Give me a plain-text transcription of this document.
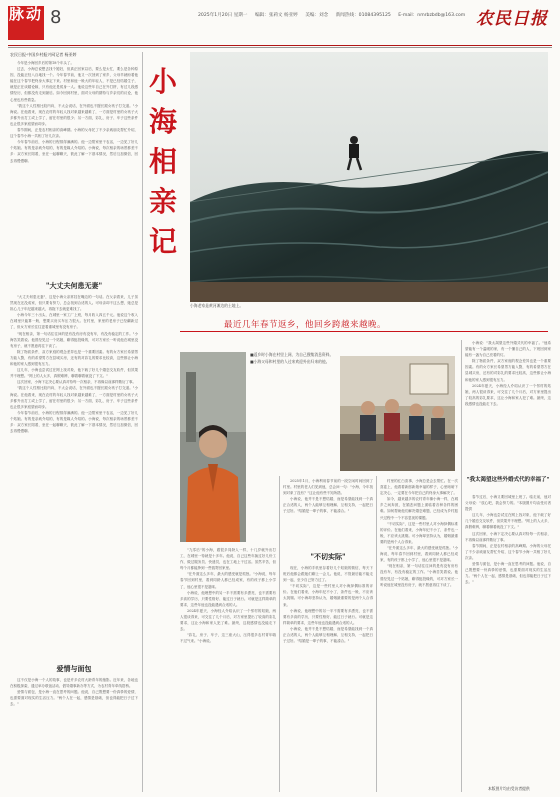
脉动 8	2025年1月20日 星期一 编辑：张莉文 杨亚婷 美编：刘念 新闻热线：01084395125 E-mail：nmrbzbdb@163.com 农民日报
农民日报·中国乡村振兴网记者 杨亚婷

今年是小海回乡后的第18个年头了。

过去，小海总说想去找个媳妇，但真正回家以后，要么是太忙，要么是各种原因，没能正经八百地找一个。今年春节前，他又一次回到了家乡，父母早就盼着他能在这个春节把终身大事定下来。村里和他一般大的年轻人，不是已经结婚生子，就是正在谈婚论嫁，只有他还是孤身一人。他说这些年自己在外打拼，有过几段感情经历，但都没有走到最后。如今回到村里，面对父母的期待与乡亲们的议论，他心里也有些着急。

"我这个人性格比较内向，不太会说话，在外面也不擅长跟女孩子打交道。"小海说。在他看来，现在农村的年轻人找对象越来越难了，一方面是村里的女孩子大多都外出打工或上学了，留在村里的很少；另一方面，彩礼、房子、车子这些条件也让很多家庭望而却步。

春节期间，正是农村相亲的高峰期。小海的父母托了不少亲戚朋友帮忙介绍，这个春节小海一共相了好几次亲。

今年春节前后，小海的日程排得满满的。他一边帮家里干农活，一边见了好几个姑娘。有的是亲戚介绍的，有的是媒人介绍的。小海说，每次相亲的场景都差不多：双方家长陪着，坐在一起聊聊天，彼此了解一下基本情况，然后互加微信，回去再慢慢聊。

"大丈夫何患无妻"

"大丈夫何患无妻"，这是小海父亲常挂在嘴边的一句话。在父亲看来，儿子虽然现在还没成家，但只要肯努力，总会找到合适的人。可母亲却不这么想，她总是担心儿子年纪越来越大，再拖下去就更难找了。

小海今年三十出头，在城里一家工厂上班，每月收入四五千元。他说这个收入在城里只能算一般，想要买房买车压力很大。在村里，家里的老房子已经翻新过了，但女方家长往往更看重城里有没有房子。

"现在相亲，第一句话往往问的是有没有房有没有车，有没有稳定的工作。"小海苦笑着说。他曾经见过一个姑娘，聊得挺投缘的，可对方家长一听说他在城里没有房子，就不愿意再往下谈了。

除了物质条件，双方家庭的观念差异也是一个重要因素。有的女方家长希望男方能入赘，有的希望男方在县城买房，还有的对彩礼的要求比较高，这些都让小海和他的家人感到很有压力。

这几年，小海也尝试过在网上找对象，他下载了好几个婚恋交友软件，但效果并不理想。"网上的人太多，真假难辨，聊着聊着就没了下文。"

这次回家，小海下定决心要认真对待每一次相亲，不再像以前那样敷衍了事。

"我这个人性格比较内向，不太会说话，在外面也不擅长跟女孩子打交道。"小海说。在他看来，现在农村的年轻人找对象越来越难了，一方面是村里的女孩子大多都外出打工或上学了，留在村里的很少；另一方面，彩礼、房子、车子这些条件也让很多家庭望而却步。

今年春节前后，小海的日程排得满满的。他一边帮家里干农活，一边见了好几个姑娘。有的是亲戚介绍的，有的是媒人介绍的。小海说，每次相亲的场景都差不多：双方家长陪着，坐在一起聊聊天，彼此了解一下基本情况，然后互加微信，回去再慢慢聊。

爱情与面包

这不仅是小海一个人的故事，也是许多农村大龄青年的缩影。近年来，各地也在积极探索，通过举办联谊活动、倡导婚事新办等方式，为农村青年牵线搭桥。

爱情与面包，是小海一直在思考的问题。他说，自己既想要一份真挚的爱情，也需要面对现实的生活压力。"两个人在一起，感情是基础，但也得能把日子过下去。"

小海相亲记
小海老家是黄河滩边的土地上。
最近几年春节返乡，他回乡跨越来越晚。
■返乡时小海在村里上网，为自己搜集消息资料。
■小海父母和村里的人过来欢迎外出归来的他。

"九零后"的小海，跟很多同龄人一样，十几岁就外出打工，在城里一待就是十多年。他说，自己这些年换过好几份工作，做过服务员、快递员，也在工地上干过活。虽然辛苦，但每个月都能挣到一些钱寄回家里。

"在外面这么多年，最大的感受就是孤独。"小海说，每年春节回到村里，看到同龄人都已经成家，有的孩子都上小学了，他心里很不是滋味。

小海说，他理想中的另一半不需要有多漂亮，也不需要有多高的学历，只要性格好、能过日子就行。可就是这样简单的要求，这些年他也没能遇到合适的人。

2024年夏天，小海经人介绍认识了一个邻村的姑娘，两人很谈得来，可交往了几个月后，对方家里提出了较高的彩礼要求，这让小海和家人犯了难。最终，这段感情也没能走下去。

"彩礼、房子、车子，这三座大山，压得很多农村青年喘不过气来。"小海说。

2025年1月，小海利用春节前的一段空闲时间回到了村里。村里的老人们见到他，总会问一句："小海，今年找到对象了没有？"这让他有些不知所措。

小海说，他并不是不想结婚，而是希望能找到一个真正合适的人，两个人能够互相理解、互相支持，一起把日子过好。"结婚是一辈子的事，不能凑合。"

"不切实际"

现在，小海的手机里存着好几个姑娘的微信，每天下班后他都会跟她们聊上一会儿。他说，不管最后能不能走到一起，至少自己努力过了。

"不切实际"，这是一些村里人对小海择偶标准的评价。在他们看来，小海年纪不小了，条件也一般，不应该太挑剔。可小海却坚持认为，婚姻最重要的是两个人合得来。

小海说，他理想中的另一半不需要有多漂亮，也不需要有多高的学历，只要性格好、能过日子就行。可就是这样简单的要求，这些年他也没能遇到合适的人。

小海说，他并不是不想结婚，而是希望能找到一个真正合适的人，两个人能够互相理解、互相支持，一起把日子过好。"结婚是一辈子的事，不能凑合。"

村里的红白喜事，小海总是会去帮忙。在一次喜宴上，他看着新郎新娘幸福的样子，心里暗暗下定决心，一定要在今年把自己的终身大事解决了。

如今，越来越多的农村青年像小海一样，在城乡之间奔波，在婚恋问题上面临着各种各样的困难。如何帮助他们解决婚恋难题，已经成为乡村振兴过程中一个不容忽视的课题。

"不切实际"，这是一些村里人对小海择偶标准的评价。在他们看来，小海年纪不小了，条件也一般，不应该太挑剔。可小海却坚持认为，婚姻最重要的是两个人合得来。

"在外面这么多年，最大的感受就是孤独。"小海说，每年春节回到村里，看到同龄人都已经成家，有的孩子都上小学了，他心里很不是滋味。

"现在相亲，第一句话往往问的是有没有房有没有车，有没有稳定的工作。"小海苦笑着说。他曾经见过一个姑娘，聊得挺投缘的，可对方家长一听说他在城里没有房子，就不愿意再往下谈了。

小海说："我太渴望这些外婚式代的幸福了。"他希望能有一个温暖的家，有一个懂自己的人，下班回到家能有一盏为自己亮着的灯。

除了物质条件，双方家庭的观念差异也是一个重要因素。有的女方家长希望男方能入赘，有的希望男方在县城买房，还有的对彩礼的要求比较高，这些都让小海和他的家人感到很有压力。

2024年夏天，小海经人介绍认识了一个邻村的姑娘，两人很谈得来，可交往了几个月后，对方家里提出了较高的彩礼要求，这让小海和家人犯了难。最终，这段感情也没能走下去。

"我太渴望这些外婚式代的幸福了"

春节过后，小海又要回城里上班了。临走前，他对父母说："放心吧，我会努力的。"本版图片均由受访者提供

这几年，小海也尝试过在网上找对象，他下载了好几个婚恋交友软件，但效果并不理想。"网上的人太多，真假难辨，聊着聊着就没了下文。"

这次回家，小海下定决心要认真对待每一次相亲，不再像以前那样敷衍了事。

春节期间，正是农村相亲的高峰期。小海的父母托了不少亲戚朋友帮忙介绍，这个春节小海一共相了好几次亲。

爱情与面包，是小海一直在思考的问题。他说，自己既想要一份真挚的爱情，也需要面对现实的生活压力。"两个人在一起，感情是基础，但也得能把日子过下去。"

本版图片均由受访者提供
